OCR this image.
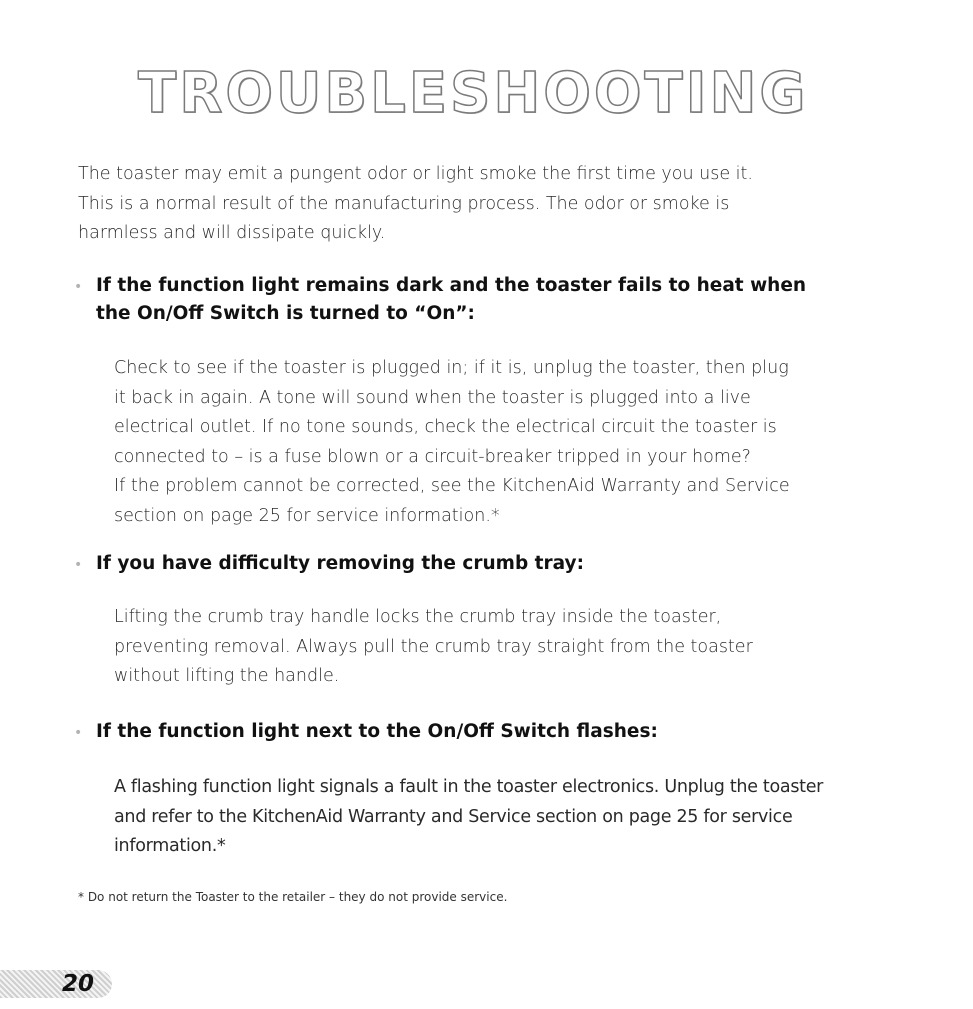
TROUBLESHOOTING

The toaster may emit a pungent odor or light smoke the first time you use it.
This is a normal result of the manufacturing process. The odor or smoke is
harmless and will dissipate quickly.

• If the function light remains dark and the toaster fails to heat when
the On/Off Switch is turned to “On”:

Check to see if the toaster is plugged in; if it is, unplug the toaster, then plug
it back in again. A tone will sound when the toaster is plugged into a live
electrical outlet. If no tone sounds, check the electrical circuit the toaster is
connected to – is a fuse blown or a circuit-breaker tripped in your home?
If the problem cannot be corrected, see the KitchenAid Warranty and Service
section on page 25 for service information.*

• If you have difficulty removing the crumb tray:

Lifting the crumb tray handle locks the crumb tray inside the toaster,
preventing removal. Always pull the crumb tray straight from the toaster
without lifting the handle.

• If the function light next to the On/Off Switch flashes:

A flashing function light signals a fault in the toaster electronics. Unplug the toaster
and refer to the KitchenAid Warranty and Service section on page 25 for service
information.*

* Do not return the Toaster to the retailer – they do not provide service.

20
